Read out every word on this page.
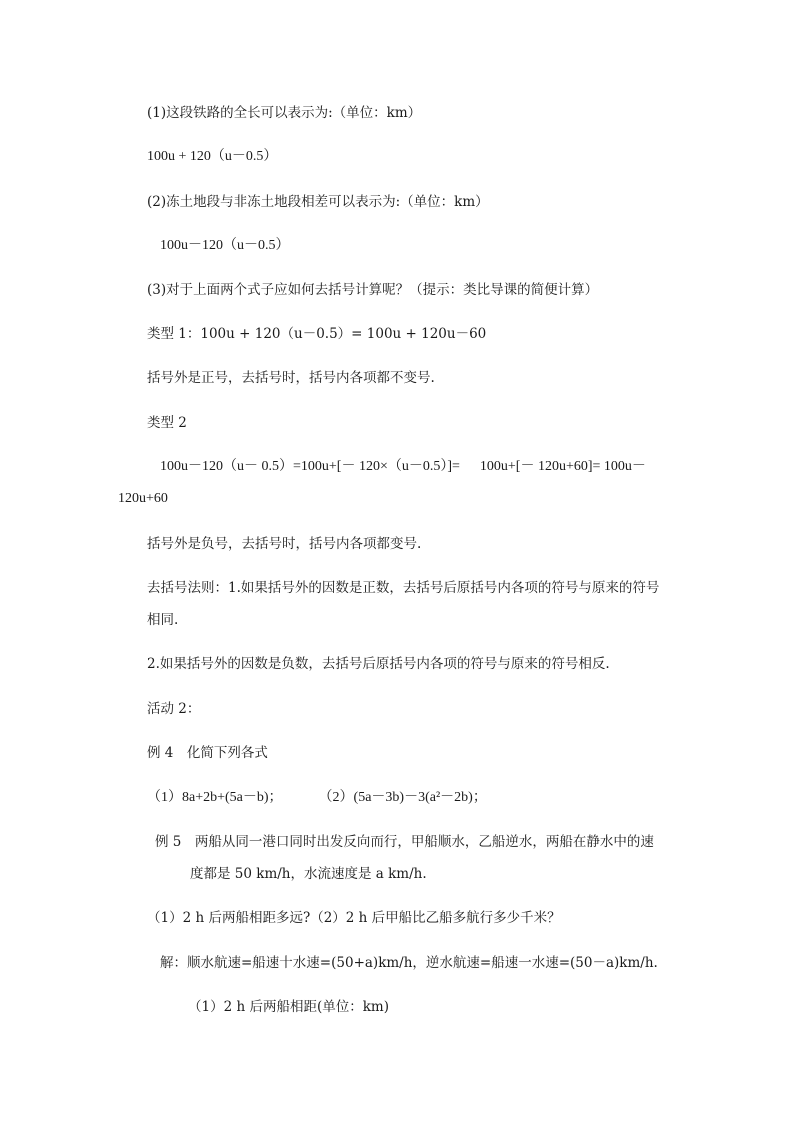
(1)这段铁路的全长可以表示为:（单位：km）
100u + 120（u－0.5）
(2)冻土地段与非冻土地段相差可以表示为:（单位：km）
100u－120（u－0.5）
(3)对于上面两个式子应如何去括号计算呢？（提示：类比导课的简便计算）
类型 1：100u + 120（u－0.5）= 100u + 120u－60
括号外是正号，去括号时，括号内各项都不变号.
类型 2
100u－120（u－ 0.5）=100u+[－ 120×（u－0.5）]= 100u+[－ 120u+60]= 100u－
120u+60
括号外是负号，去括号时，括号内各项都变号.
去括号法则：1.如果括号外的因数是正数，去括号后原括号内各项的符号与原来的符号
相同.
2.如果括号外的因数是负数，去括号后原括号内各项的符号与原来的符号相反.
活动 2：
例 4　化简下列各式
（1）8a+2b+(5a－b)；	（2）(5a－3b)－3(a²－2b)；
例 5　两船从同一港口同时出发反向而行，甲船顺水，乙船逆水，两船在静水中的速
度都是 50 km/h，水流速度是 a km/h.
（1）2 h 后两船相距多远?（2）2 h 后甲船比乙船多航行多少千米？
解：顺水航速=船速十水速=(50+a)km/h，逆水航速=船速一水速=(50－a)km/h.
（1）2 h 后两船相距(单位：km)
